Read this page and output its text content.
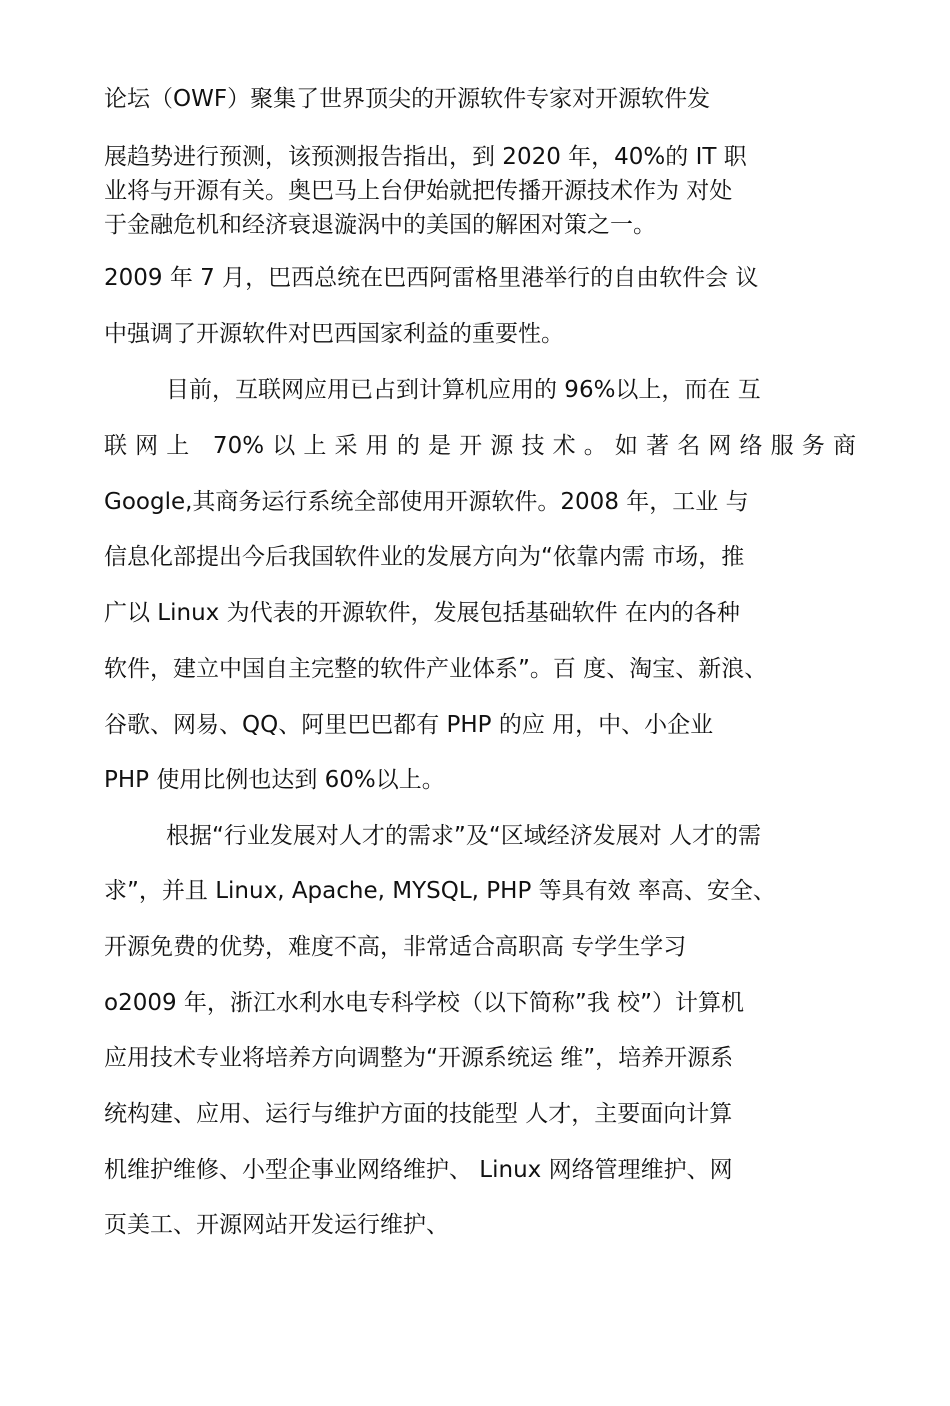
论坛（OWF）聚集了世界顶尖的开源软件专家对开源软件发

展趋势进行预测，该预测报告指出，到 2020 年，40%的 IT 职

业将与开源有关。奥巴马上台伊始就把传播开源技术作为 对处

于金融危机和经济衰退漩涡中的美国的解困对策之一。

2009 年 7 月，巴西总统在巴西阿雷格里港举行的自由软件会 议

中强调了开源软件对巴西国家利益的重要性。

目前，互联网应用已占到计算机应用的 96%以上，而在 互

联网上 70%以上采用的是开源技术。如著名网络服务商

Google,其商务运行系统全部使用开源软件。2008 年，工业 与

信息化部提出今后我国软件业的发展方向为“依靠内需 市场，推

广以 Linux 为代表的开源软件，发展包括基础软件 在内的各种

软件，建立中国自主完整的软件产业体系”。百 度、淘宝、新浪、

谷歌、网易、QQ、阿里巴巴都有 PHP 的应 用，中、小企业

PHP 使用比例也达到 60%以上。

根据“行业发展对人才的需求”及“区域经济发展对 人才的需

求”，并且 Linux, Apache, MYSQL, PHP 等具有效 率高、安全、

开源免费的优势，难度不高，非常适合高职高 专学生学习

o2009 年，浙江水利水电专科学校（以下简称”我 校”）计算机

应用技术专业将培养方向调整为“开源系统运 维”，培养开源系

统构建、应用、运行与维护方面的技能型 人才，主要面向计算

机维护维修、小型企事业网络维护、 Linux 网络管理维护、网

页美工、开源网站开发运行维护、
